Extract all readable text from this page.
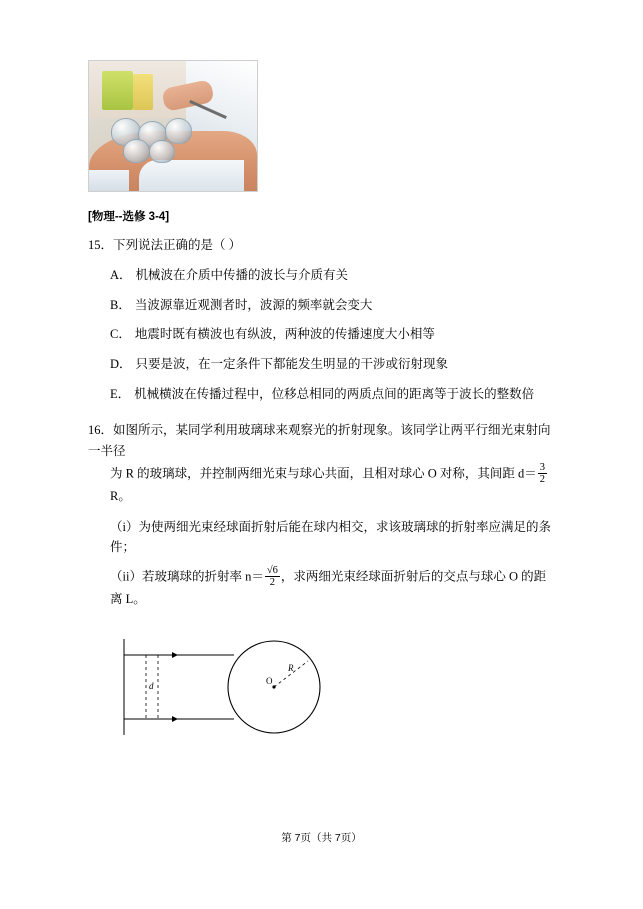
[物理--选修 3-4]
15．下列说法正确的是（ ）
A． 机械波在介质中传播的波长与介质有关
B． 当波源靠近观测者时，波源的频率就会变大
C． 地震时既有横波也有纵波，两种波的传播速度大小相等
D． 只要是波，在一定条件下都能发生明显的干涉或衍射现象
E． 机械横波在传播过程中，位移总相同的两质点间的距离等于波长的整数倍
16．如图所示，某同学利用玻璃球来观察光的折射现象。该同学让两平行细光束射向一半径
为 R 的玻璃球，并控制两细光束与球心共面，且相对球心 O 对称，其间距 $d= \frac{3}{2}$
R。
（i）为使两细光束经球面折射后能在球内相交，求该玻璃球的折射率应满足的条件；
（ii）若玻璃球的折射率 $n= \frac{√6}{2}$ ，求两细光束经球面折射后的交点与球心 O 的距离 L。
d	O
R
第 7页（共 7页）
